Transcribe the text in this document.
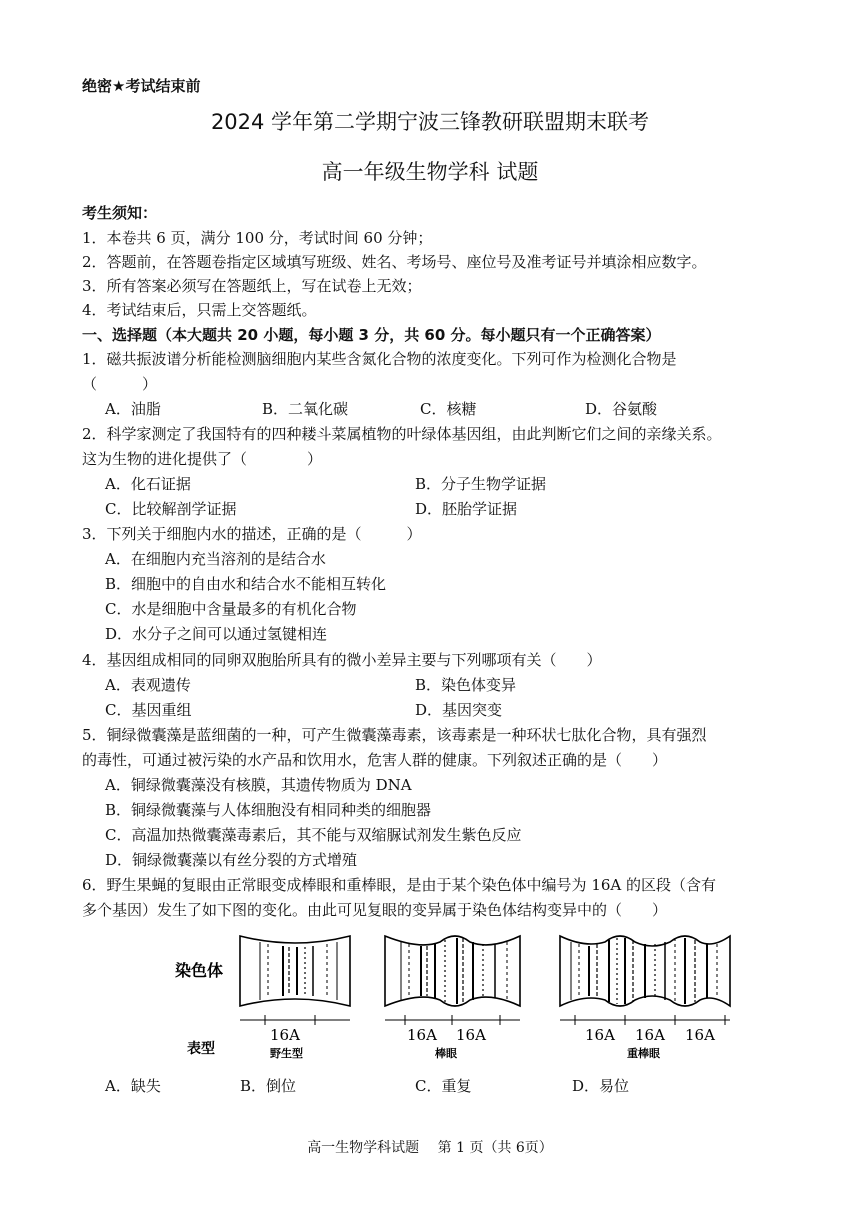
绝密★考试结束前
2024 学年第二学期宁波三锋教研联盟期末联考
高一年级生物学科 试题
考生须知：
1．本卷共 6 页，满分 100 分，考试时间 60 分钟；
2．答题前，在答题卷指定区域填写班级、姓名、考场号、座位号及准考证号并填涂相应数字。
3．所有答案必须写在答题纸上，写在试卷上无效；
4．考试结束后，只需上交答题纸。
一、选择题（本大题共 20 小题，每小题 3 分，共 60 分。每小题只有一个正确答案）
1．磁共振波谱分析能检测脑细胞内某些含氮化合物的浓度变化。下列可作为检测化合物是
（　　　）
A．油脂	B．二氧化碳	C．核糖	D．谷氨酸
2．科学家测定了我国特有的四种耧斗菜属植物的叶绿体基因组，由此判断它们之间的亲缘关系。
这为生物的进化提供了（　　　　）
A．化石证据	B．分子生物学证据
C．比较解剖学证据	D．胚胎学证据
3．下列关于细胞内水的描述，正确的是（　　　）
A．在细胞内充当溶剂的是结合水
B．细胞中的自由水和结合水不能相互转化
C．水是细胞中含量最多的有机化合物
D．水分子之间可以通过氢键相连
4．基因组成相同的同卵双胞胎所具有的微小差异主要与下列哪项有关（　　）
A．表观遗传	B．染色体变异
C．基因重组	D．基因突变
5．铜绿微囊藻是蓝细菌的一种，可产生微囊藻毒素，该毒素是一种环状七肽化合物，具有强烈
的毒性，可通过被污染的水产品和饮用水，危害人群的健康。下列叙述正确的是（　　）
A．铜绿微囊藻没有核膜，其遗传物质为 DNA
B．铜绿微囊藻与人体细胞没有相同种类的细胞器
C．高温加热微囊藻毒素后，其不能与双缩脲试剂发生紫色反应
D．铜绿微囊藻以有丝分裂的方式增殖
6．野生果蝇的复眼由正常眼变成棒眼和重棒眼，是由于某个染色体中编号为 16A 的区段（含有
多个基因）发生了如下图的变化。由此可见复眼的变异属于染色体结构变异中的（　　）
染色体
表型
16A
野生型
16A 16A
棒眼
16A 16A 16A
重棒眼
A．缺失	B．倒位	C．重复	D．易位
高一生物学科试题　 第 1 页（共 6页）
